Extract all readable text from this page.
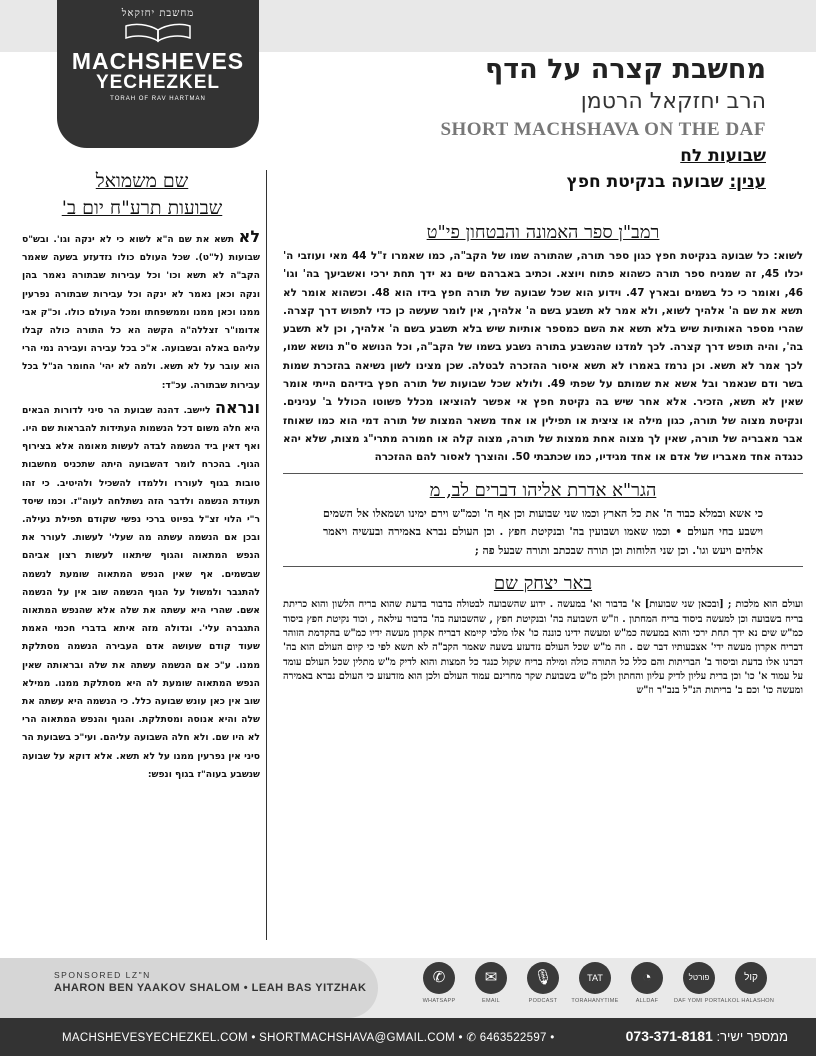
מחשבת יחזקאל
MACHSHEVES
YECHEZKEL
TORAH OF RAV HARTMAN
מחשבת קצרה על הדף
הרב יחזקאל הרטמן
SHORT MACHSHAVA ON THE DAF
שבועות לח
ענין: שבועה בנקיטת חפץ
שם משמואל
שבועות תרע"ח יום ב'

לא תשא את שם ה"א לשוא כי לא ינקה וגו'. ובש"ס שבועות (ל"ט). שכל העולם כולו נזדעזע בשעה שאמר הקב"ה לא תשא וכו' וכל עבירות שבתורה נאמר בהן ונקה וכאן נאמר לא ינקה וכל עבירות שבתורה נפרעין ממנו וכאן ממנו וממשפחתו ומכל העולם כולו. וכ"ק אבי אדומו"ר זצללה"ה הקשה הא כל התורה כולה קבלו עליהם באלה ובשבועה. א"כ בכל עבירה ועבירה נמי הרי הוא עובר על לא תשא. ולמה לא יהי' החומר הנ"ל בכל עבירות שבתורה. עכ"ד:

ונראה ליישב. דהנה שבועת הר סיני לדורות הבאים היא חלה משום דכל הנשמות העתידות להבראות שם היו. ואף דאין ביד הנשמה לבדה לעשות מאומה אלא בצירוף הגוף. בהכרח לומר דהשבועה היתה שתכניס מחשבות טובות בגוף לעוררו וללמדו להשכיל ולהיטיב. כי זהו תעודת הנשמה ולדבר הזה נשתלחה לעוה"ז. וכמו שיסד ר"י הלוי זצ"ל בפיוט ברכי נפשי שקודם תפילת נעילה. ובכן אם הנשמה עשתה מה שעלי' לעשות. לעורר את הנפש המתאוה והגוף שיתאוו לעשות רצון אביהם שבשמים. אף שאין הנפש המתאוה שומעת לנשמה להתגבר ולמשול על הגוף הנשמה שוב אין על הנשמה אשם. שהרי היא עשתה את שלה אלא שהנפש המתאוה התגברה עלי'. וגדולה מזה איתא בדברי חכמי האמת שעוד קודם שעושה אדם העבירה הנשמה מסתלקת ממנו. ע"כ אם הנשמה עשתה את שלה ובראותה שאין הנפש המתאוה שומעת לה היא מסתלקת ממנו. ממילא שוב אין כאן עונש שבועה כלל. כי הנשמה היא עשתה את שלה והיא אנוסה ומסתלקת. והגוף והנפש המתאוה הרי לא היו שם. ולא חלה השבועה עליהם. ועי"כ בשבועת הר סיני אין נפרעין ממנו על לא תשא. אלא דוקא על שבועה שנשבע בעוה"ז בגוף ונפש:

רמב"ן ספר האמונה והבטחון פי"ט

לשוא: כל שבועה בנקיטת חפץ כגון ספר תורה, שהתורה שמו של הקב"ה, כמו שאמרו ז"ל 44 מאי ועוזבי ה' יכלו 45, זה שמניח ספר תורה כשהוא פתוח ויוצא. וכתיב באברהם שים נא ידך תחת ירכי ואשביעך בה' וגו' 46, ואומר כי כל בשמים ובארץ 47. וידוע הוא שכל שבועה של תורה חפץ בידו הוא 48. וכשהוא אומר לא תשא את שם ה' אלהיך לשוא, ולא אמר לא תשבע בשם ה' אלהיך, אין לומר שעשה כן כדי לתפוש דרך קצרה. שהרי מספר האותיות שיש בלא תשא את השם כמספר אותיות שיש בלא תשבע בשם ה' אלהיך, וכן לא תשבע בה', והיה תופש דרך קצרה. לכך למדנו שהנשבע בתורה נשבע בשמו של הקב"ה, וכל הנושא ס"ת נושא שמו, לכך אמר לא תשא. וכן נרמז באמרו לא תשא איסור ההזכרה לבטלה. שכן מצינו לשון נשיאה בהזכרת שמות בשר ודם שנאמר ובל אשא את שמותם על שפתי 49. ולולא שכל שבועות של תורה חפץ בידיהם הייתי אומר שאין לא תשא, הזכיר. אלא אחר שיש בה נקיטת חפץ אי אפשר להוציאו מכלל פשוטו הכולל ב' ענינים. ונקיטת מצוה של תורה, כגון מילה או ציצית או תפילין או אחד משאר המצות של תורה דמי הוא כמו שאוחז אבר מאבריה של תורה, שאין לך מצוה אחת ממצות של תורה, מצוה קלה או חמורה מתרי"ג מצות, שלא יהא כנגדה אחד מאבריו של אדם או אחד מגידיו, כמו שכתבתי 50. והוצרך לאסור להם ההזכרה

הגר"א אדרת אליהו דברים לב, מ

כי אשא ובמלא כבוד ה' את כל הארץ וכמו שני שבועות וכן אף ה' וכמ"ש וירם ימינו ושמאלו אל השמים וישבע בחי העולם • וכמו שאמו ושבועין בה' ובנקיטת חפץ . וכן העולם נברא באמירה ובעשיה ויאמר אלהים ויעש וגו'. וכן שני הלוחות וכן תורה שבכתב ותורה שבעל פה ;

באר יצחק שם

ועולם הוא מלכות ; [ובכאן שני שבועות] א' בדבור וא' במעשה . ידוע שהשבועה לבטולה בדבור בדעת שהוא בריח הלשון והוא כריתת בריח בשבועה וכן למעשה ביסוד בריח המחתון . וז"ש השבועה בה' ובנקיטת חפץ , שהשבועה בה' בדבור עילאה , וכוד נקיטת חפץ ביסוד כמ"ש שים נא ידך תחת ירכי והוא במעשה כמ"ש ומעשה ידינו כוננה כו' אלו מלכי קיימא דבריח אקרון מעשה ידיו כמ"ש בהקדמת הזוהר דבריח אקרון מעשה ידי' אצבעותיו דבר שם . וזה מ"ש שכל העולם נזדעזע בשעה שאמר הקב"ה לא תשא לפי כי קיום העולם הוא בה' דברנו אלו בדעת וביסוד ב' הבריתות והם כלל כל התורה כולה ומילה בריח שקול כנגד כל המצות והוא לדיק מ"ש מתלין שכל העולם עומד על עמוד א' כו' וכן ברית עליון לדיק עליון והחתון ולכן מ"ש בשבועת שקר מחרינם עמוד העולם ולכן הוא מזדעזע כי העולם נברא באמירה ומעשה כו' וכם ב' בריתות הנ"ל בנב"ר וז"ש

SPONSORED LZ"N
AHARON BEN YAAKOV SHALOM • LEAH BAS YITZHAK
✆
WHATSAPP
✉
EMAIL
🎙
PODCAST
TAT
TORAHANYTIME
◔
ALLDAF
פורטל
DAF YOMI PORTAL
קול
KOL HALASHON
MACHSHEVESYECHEZKEL.COM • SHORTMACHSHAVA@GMAIL.COM • ✆ 6463522597 •	ממספר ישיר: 073-371-8181
